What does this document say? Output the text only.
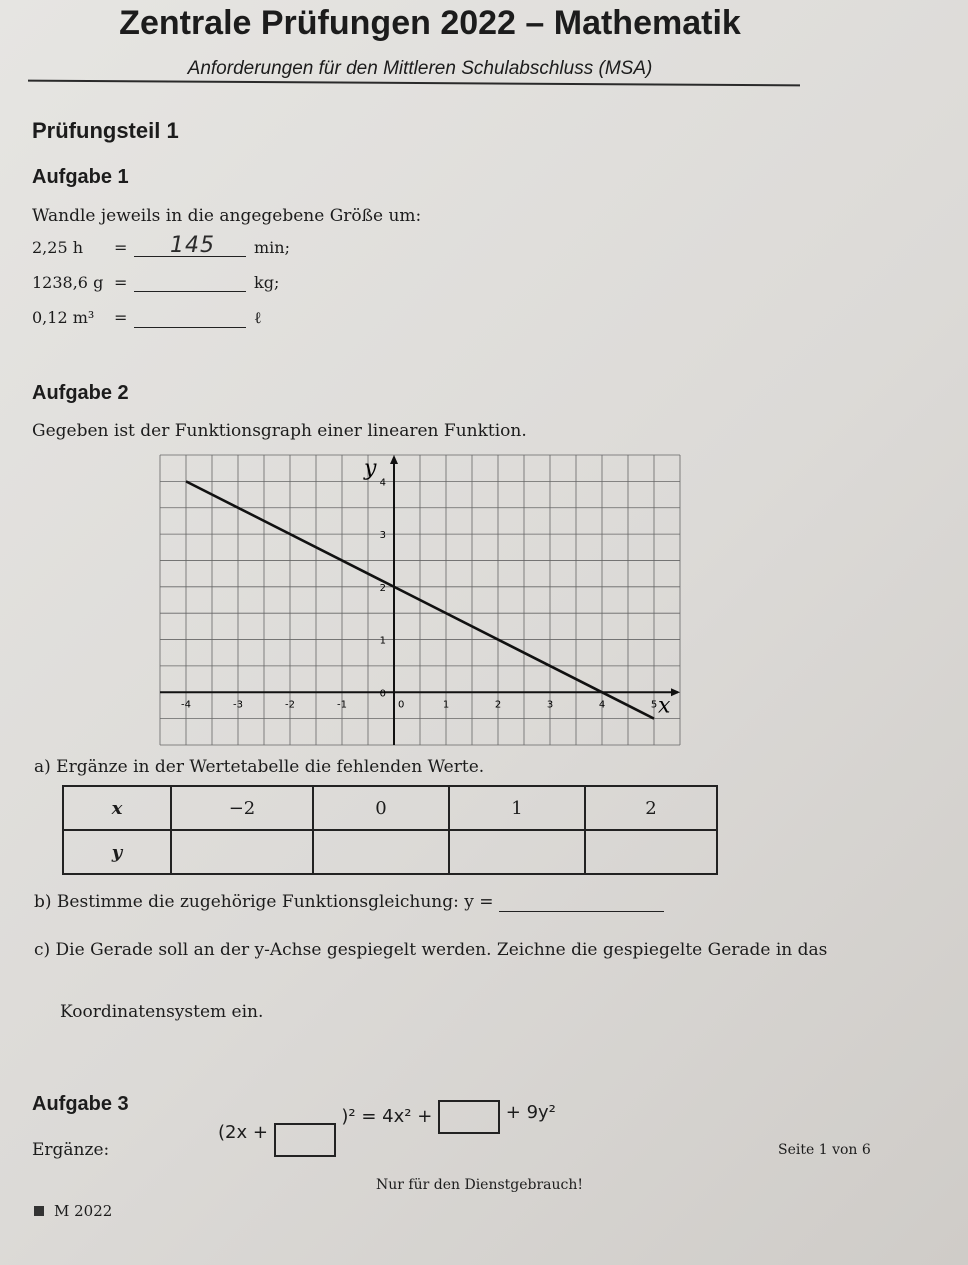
Zentrale Prüfungen 2022 – Mathematik
Anforderungen für den Mittleren Schulabschluss (MSA)
Prüfungsteil 1
Aufgabe 1
Wandle jeweils in die angegebene Größe um:
2,25 h = 145 min;
1238,6 g =	kg;
0,12 m³ =	ℓ
Aufgabe 2
Gegeben ist der Funktionsgraph einer linearen Funktion.
-4	-3	-2	-1	1	2	3	4	5
0
1
2
3
4
0	x
y
a) Ergänze in der Wertetabelle die fehlenden Werte.
x	−2	0	1	2
y				
b) Bestimme die zugehörige Funktionsgleichung: y =
c) Die Gerade soll an der y-Achse gespiegelt werden. Zeichne die gespiegelte Gerade in das
Koordinatensystem ein.
Aufgabe 3
Ergänze:
(2x +  )² = 4x² +	+ 9y²
Seite 1 von 6
Nur für den Dienstgebrauch!
M 2022
